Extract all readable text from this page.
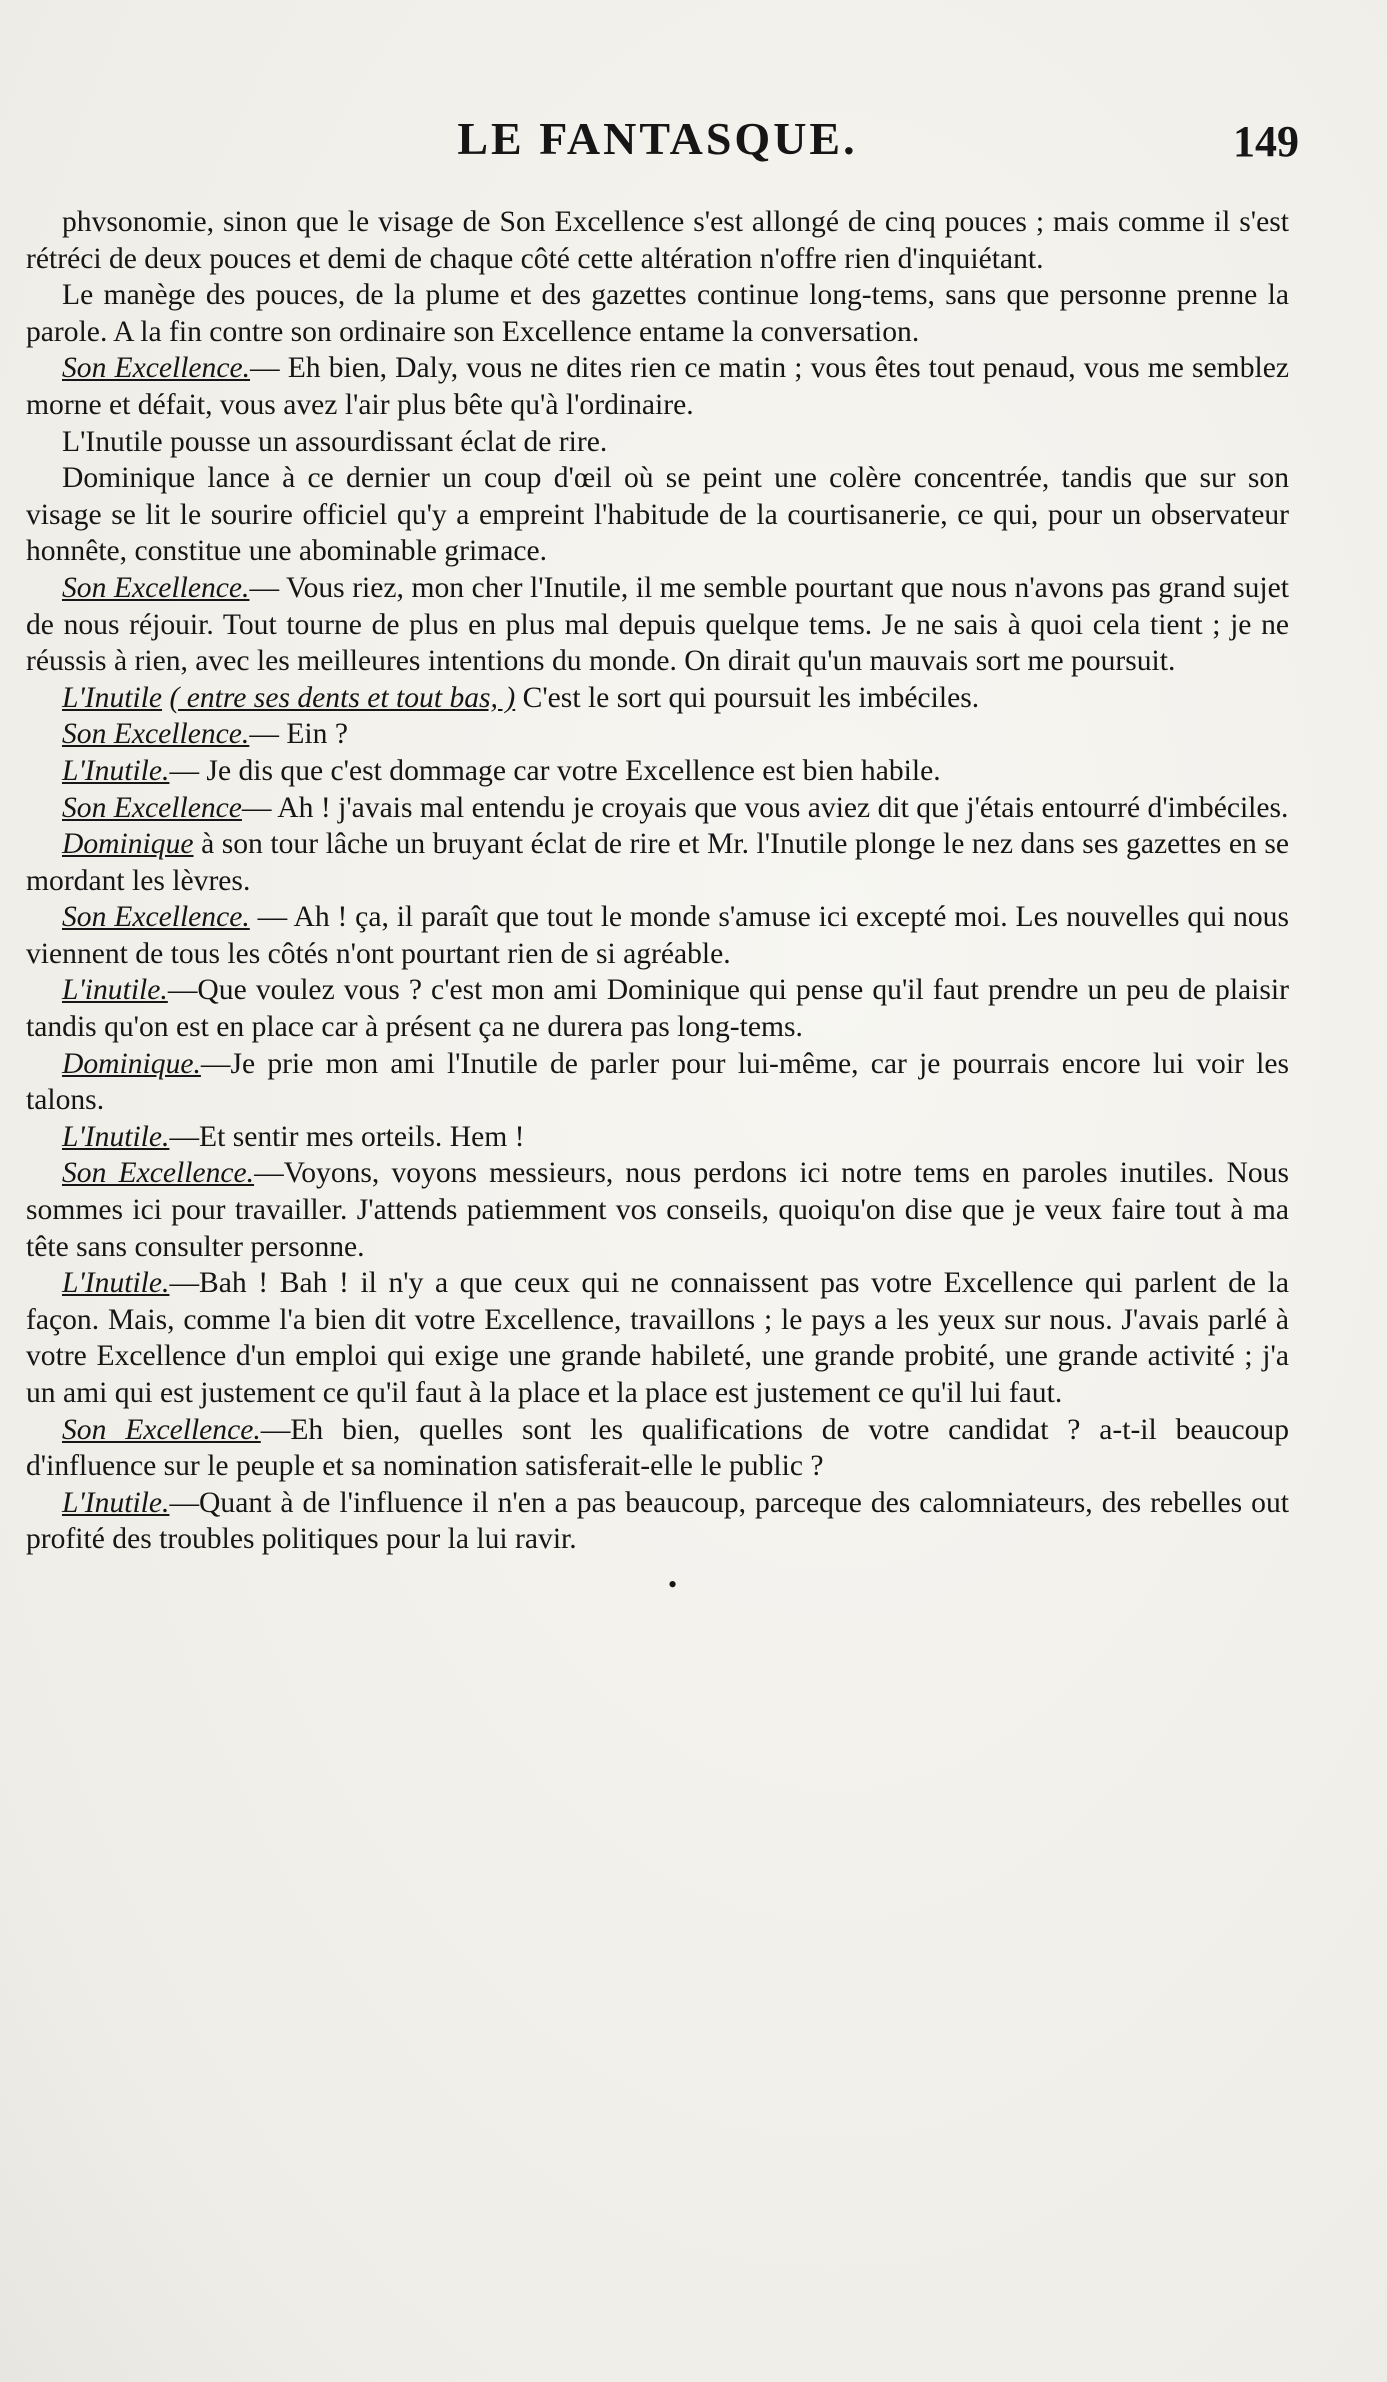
LE FANTASQUE.	149

phvsonomie, sinon que le visage de Son Excellence s'est allongé de cinq pouces ; mais comme il s'est rétréci de deux pouces et demi de chaque côté cette altération n'offre rien d'inquiétant.

Le manège des pouces, de la plume et des gazettes continue long-tems, sans que personne prenne la parole. A la fin contre son ordinaire son Excellence entame la conversation.

Son Excellence.— Eh bien, Daly, vous ne dites rien ce matin ; vous êtes tout penaud, vous me semblez morne et défait, vous avez l'air plus bête qu'à l'ordinaire.

L'Inutile pousse un assourdissant éclat de rire.

Dominique lance à ce dernier un coup d'œil où se peint une colère concentrée, tandis que sur son visage se lit le sourire officiel qu'y a empreint l'habitude de la courtisanerie, ce qui, pour un observateur honnête, constitue une abominable grimace.

Son Excellence.— Vous riez, mon cher l'Inutile, il me semble pourtant que nous n'avons pas grand sujet de nous réjouir. Tout tourne de plus en plus mal depuis quelque tems. Je ne sais à quoi cela tient ; je ne réussis à rien, avec les meilleures intentions du monde. On dirait qu'un mauvais sort me poursuit.

L'Inutile ( entre ses dents et tout bas, ) C'est le sort qui poursuit les imbéciles.

Son Excellence.— Ein ?

L'Inutile.— Je dis que c'est dommage car votre Excellence est bien habile.

Son Excellence— Ah ! j'avais mal entendu je croyais que vous aviez dit que j'étais entourré d'imbéciles.

Dominique à son tour lâche un bruyant éclat de rire et Mr. l'Inutile plonge le nez dans ses gazettes en se mordant les lèvres.

Son Excellence. — Ah ! ça, il paraît que tout le monde s'amuse ici excepté moi. Les nouvelles qui nous viennent de tous les côtés n'ont pourtant rien de si agréable.

L'inutile.—Que voulez vous ? c'est mon ami Dominique qui pense qu'il faut prendre un peu de plaisir tandis qu'on est en place car à présent ça ne durera pas long-tems.

Dominique.—Je prie mon ami l'Inutile de parler pour lui-même, car je pourrais encore lui voir les talons.

L'Inutile.—Et sentir mes orteils. Hem !

Son Excellence.—Voyons, voyons messieurs, nous perdons ici notre tems en paroles inutiles. Nous sommes ici pour travailler. J'attends patiemment vos conseils, quoiqu'on dise que je veux faire tout à ma tête sans consulter personne.

L'Inutile.—Bah ! Bah ! il n'y a que ceux qui ne connaissent pas votre Excellence qui parlent de la façon. Mais, comme l'a bien dit votre Excellence, travaillons ; le pays a les yeux sur nous. J'avais parlé à votre Excellence d'un emploi qui exige une grande habileté, une grande probité, une grande activité ; j'a un ami qui est justement ce qu'il faut à la place et la place est justement ce qu'il lui faut.

Son Excellence.—Eh bien, quelles sont les qualifications de votre candidat ? a-t-il beaucoup d'influence sur le peuple et sa nomination satisferait-elle le public ?

L'Inutile.—Quant à de l'influence il n'en a pas beaucoup, parceque des calomniateurs, des rebelles out profité des troubles politiques pour la lui ravir.

•
